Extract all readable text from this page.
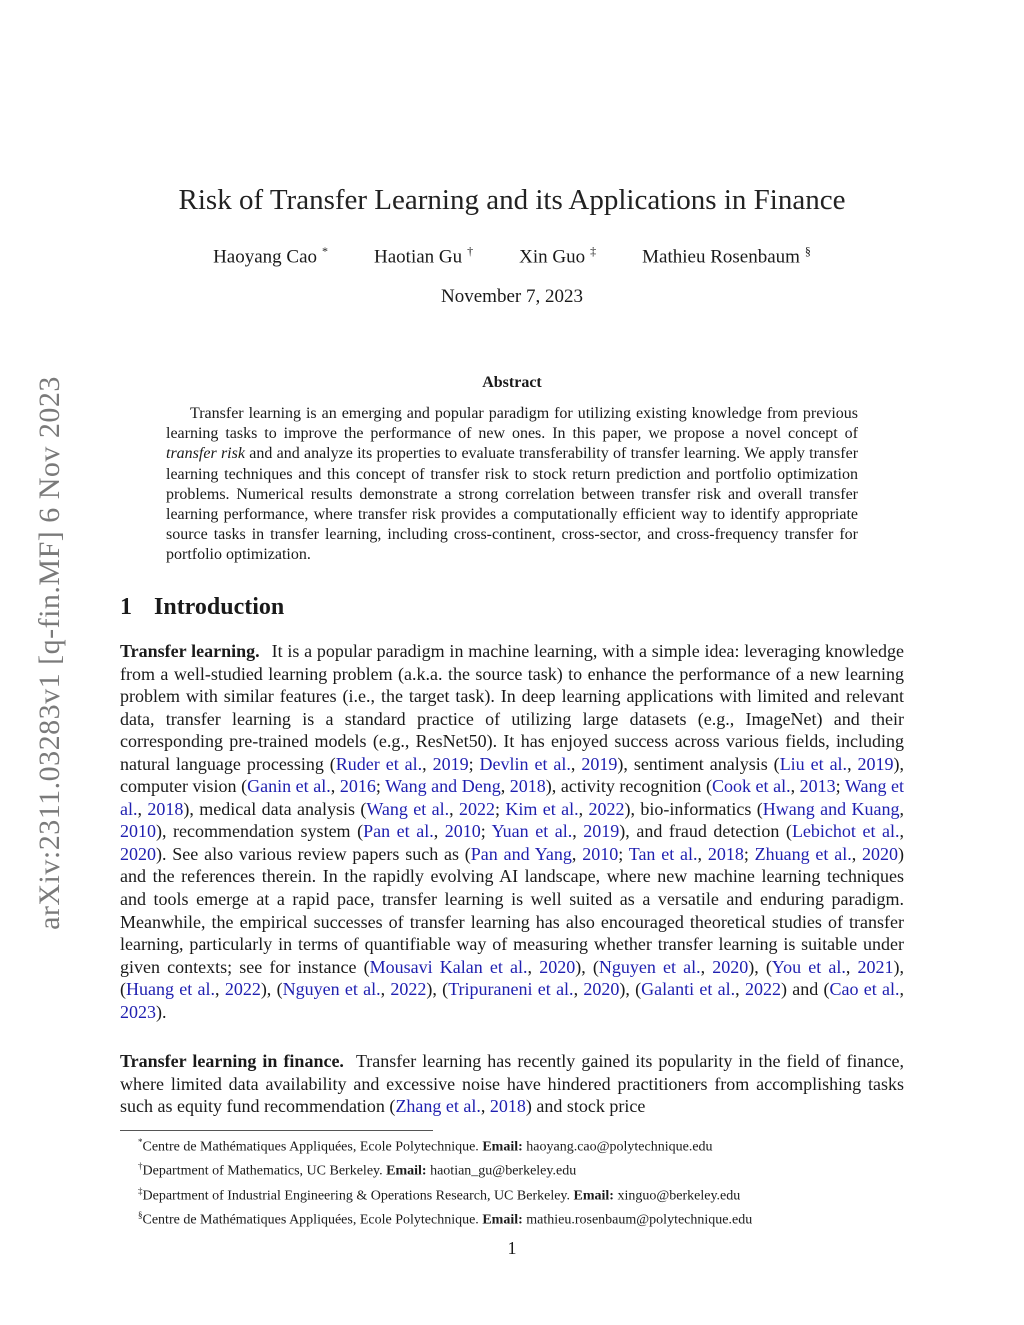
arXiv:2311.03283v1 [q-fin.MF] 6 Nov 2023
Risk of Transfer Learning and its Applications in Finance
Haoyang Cao * Haotian Gu † Xin Guo ‡ Mathieu Rosenbaum §
November 7, 2023
Abstract
Transfer learning is an emerging and popular paradigm for utilizing existing knowledge from previous learning tasks to improve the performance of new ones. In this paper, we propose a novel concept of transfer risk and and analyze its properties to evaluate transferability of transfer learning. We apply transfer learning techniques and this concept of transfer risk to stock return prediction and portfolio optimization problems. Numerical results demonstrate a strong correlation between transfer risk and overall transfer learning performance, where transfer risk provides a computationally efficient way to identify appropriate source tasks in transfer learning, including cross-continent, cross-sector, and cross-frequency transfer for portfolio optimization.
1 Introduction
Transfer learning. It is a popular paradigm in machine learning, with a simple idea: leveraging knowledge from a well-studied learning problem (a.k.a. the source task) to enhance the performance of a new learning problem with similar features (i.e., the target task). In deep learning applications with limited and relevant data, transfer learning is a standard practice of utilizing large datasets (e.g., ImageNet) and their corresponding pre-trained models (e.g., ResNet50). It has enjoyed success across various fields, including natural language processing (Ruder et al., 2019; Devlin et al., 2019), sentiment analysis (Liu et al., 2019), computer vision (Ganin et al., 2016; Wang and Deng, 2018), activity recognition (Cook et al., 2013; Wang et al., 2018), medical data analysis (Wang et al., 2022; Kim et al., 2022), bio-informatics (Hwang and Kuang, 2010), recommendation system (Pan et al., 2010; Yuan et al., 2019), and fraud detection (Lebichot et al., 2020). See also various review papers such as (Pan and Yang, 2010; Tan et al., 2018; Zhuang et al., 2020) and the references therein. In the rapidly evolving AI landscape, where new machine learning techniques and tools emerge at a rapid pace, transfer learning is well suited as a versatile and enduring paradigm. Meanwhile, the empirical successes of transfer learning has also encouraged theoretical studies of transfer learning, particularly in terms of quantifiable way of measuring whether transfer learning is suitable under given contexts; see for instance (Mousavi Kalan et al., 2020), (Nguyen et al., 2020), (You et al., 2021), (Huang et al., 2022), (Nguyen et al., 2022), (Tripuraneni et al., 2020), (Galanti et al., 2022) and (Cao et al., 2023).
Transfer learning in finance. Transfer learning has recently gained its popularity in the field of finance, where limited data availability and excessive noise have hindered practitioners from accomplishing tasks such as equity fund recommendation (Zhang et al., 2018) and stock price
*Centre de Mathématiques Appliquées, Ecole Polytechnique. Email: haoyang.cao@polytechnique.edu
†Department of Mathematics, UC Berkeley. Email: haotian_gu@berkeley.edu
‡Department of Industrial Engineering & Operations Research, UC Berkeley. Email: xinguo@berkeley.edu
§Centre de Mathématiques Appliquées, Ecole Polytechnique. Email: mathieu.rosenbaum@polytechnique.edu
1
